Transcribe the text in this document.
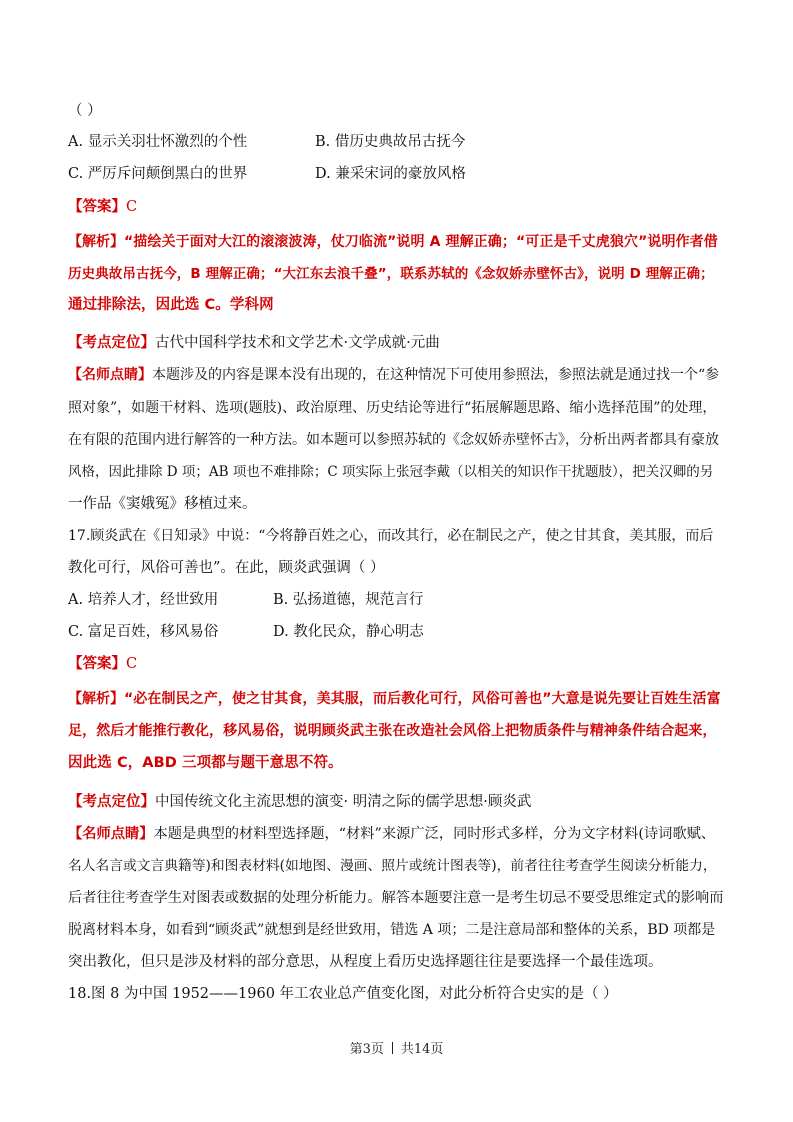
（ ）
A. 显示关羽壮怀激烈的个性	B. 借历史典故吊古抚今
C. 严厉斥问颠倒黑白的世界	D. 兼采宋词的豪放风格
【答案】C
【解析】“描绘关于面对大江的滚滚波涛，仗刀临流”说明 A 理解正确；“可正是千丈虎狼穴”说明作者借
历史典故吊古抚今，B 理解正确；“大江东去浪千叠”，联系苏轼的《念奴娇赤壁怀古》，说明 D 理解正确；
通过排除法，因此选 C。学科网
【考点定位】古代中国科学技术和文学艺术·文学成就·元曲
【名师点睛】本题涉及的内容是课本没有出现的，在这种情况下可使用参照法，参照法就是通过找一个“参
照对象”，如题干材料、选项(题肢)、政治原理、历史结论等进行“拓展解题思路、缩小选择范围”的处理，
在有限的范围内进行解答的一种方法。如本题可以参照苏轼的《念奴娇赤壁怀古》，分析出两者都具有豪放
风格，因此排除 D 项；AB 项也不难排除；C 项实际上张冠李戴（以相关的知识作干扰题肢），把关汉卿的另
一作品《窦娥冤》移植过来。
17.顾炎武在《日知录》中说：“今将静百姓之心，而改其行，必在制民之产，使之甘其食，美其服，而后
教化可行，风俗可善也”。在此，顾炎武强调（ ）
A. 培养人才，经世致用	B. 弘扬道德，规范言行
C. 富足百姓，移风易俗	D. 教化民众，静心明志
【答案】C
【解析】“必在制民之产，使之甘其食，美其服，而后教化可行，风俗可善也”大意是说先要让百姓生活富
足，然后才能推行教化，移风易俗，说明顾炎武主张在改造社会风俗上把物质条件与精神条件结合起来，
因此选 C，ABD 三项都与题干意思不符。
【考点定位】中国传统文化主流思想的演变· 明清之际的儒学思想·顾炎武
【名师点睛】本题是典型的材料型选择题，“材料”来源广泛，同时形式多样，分为文字材料(诗词歌赋、
名人名言或文言典籍等)和图表材料(如地图、漫画、照片或统计图表等)，前者往往考查学生阅读分析能力，
后者往往考查学生对图表或数据的处理分析能力。解答本题要注意一是考生切忌不要受思维定式的影响而
脱离材料本身，如看到“顾炎武”就想到是经世致用，错选 A 项；二是注意局部和整体的关系，BD 项都是
突出教化，但只是涉及材料的部分意思，从程度上看历史选择题往往是要选择一个最佳选项。
18.图 8 为中国 1952——1960 年工农业总产值变化图，对此分析符合史实的是（ ）
第3页 共14页
